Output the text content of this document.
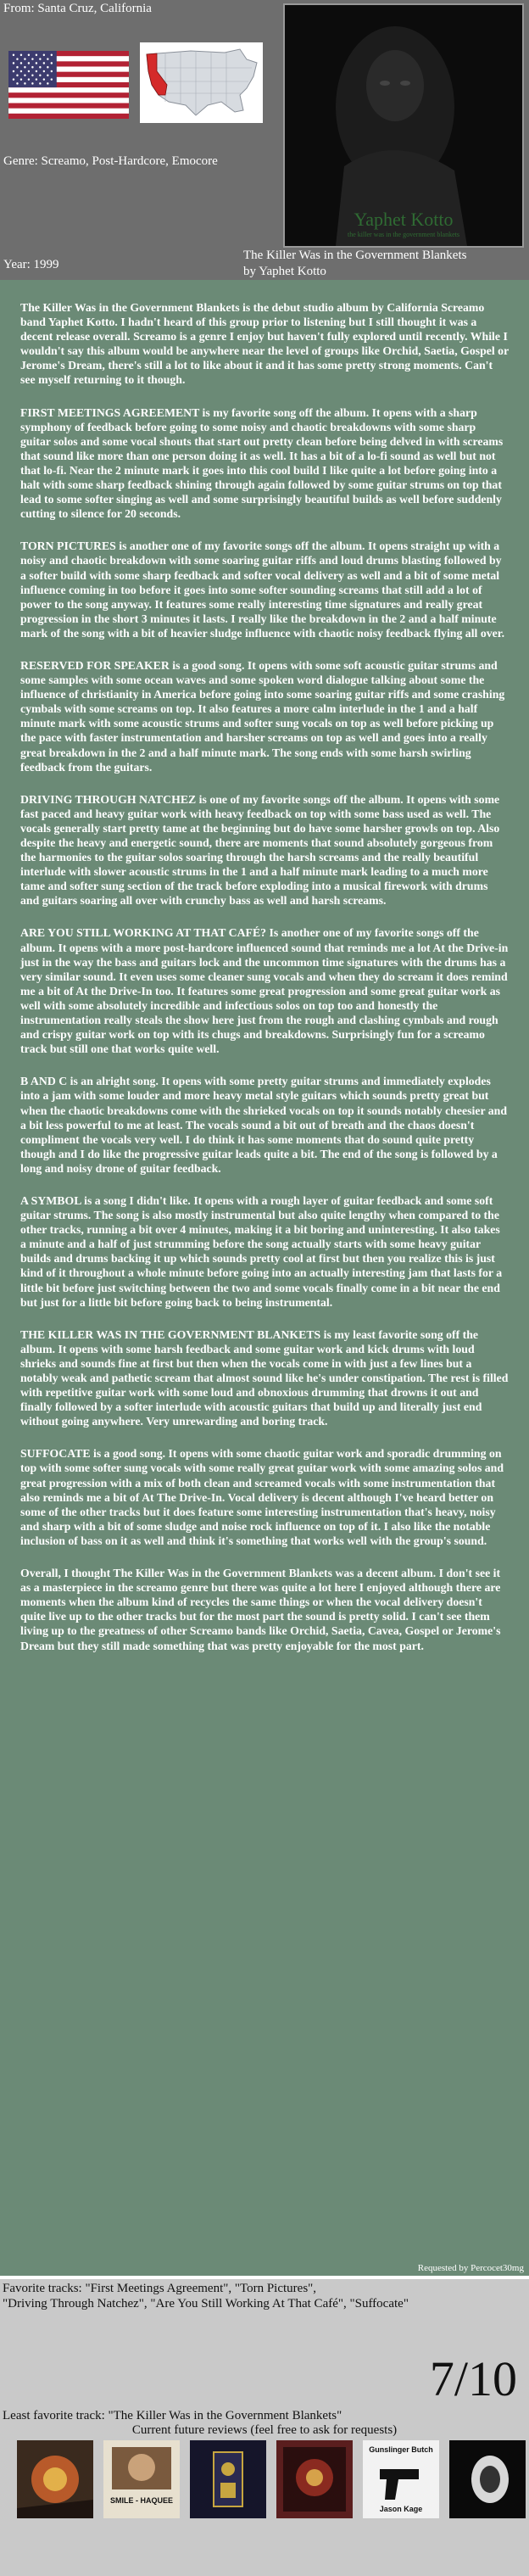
From: Santa Cruz, California
Genre: Screamo, Post-Hardcore, Emocore
Year: 1999
Yaphet Kotto
the killer was in the government blankets
The Killer Was in the Government Blankets
by Yaphet Kotto

The Killer Was in the Government Blankets is the debut studio album by California Screamo band Yaphet Kotto. I hadn't heard of this group prior to listening but I still thought it was a decent release overall. Screamo is a genre I enjoy but haven't fully explored until recently. While I wouldn't say this album would be anywhere near the level of groups like Orchid, Saetia, Gospel or Jerome's Dream, there's still a lot to like about it and it has some pretty strong moments. Can't see myself returning to it though.

FIRST MEETINGS AGREEMENT is my favorite song off the album. It opens with a sharp symphony of feedback before going to some noisy and chaotic breakdowns with some sharp guitar solos and some vocal shouts that start out pretty clean before being delved in with screams that sound like more than one person doing it as well. It has a bit of a lo-fi sound as well but not that lo-fi. Near the 2 minute mark it goes into this cool build I like quite a lot before going into a halt with some sharp feedback shining through again followed by some guitar strums on top that lead to some softer singing as well and some surprisingly beautiful builds as well before suddenly cutting to silence for 20 seconds.

TORN PICTURES is another one of my favorite songs off the album. It opens straight up with a noisy and chaotic breakdown with some soaring guitar riffs and loud drums blasting followed by a softer build with some sharp feedback and softer vocal delivery as well and a bit of some metal influence coming in too before it goes into some softer sounding screams that still add a lot of power to the song anyway. It features some really interesting time signatures and really great progression in the short 3 minutes it lasts. I really like the breakdown in the 2 and a half minute mark of the song with a bit of heavier sludge influence with chaotic noisy feedback flying all over.

RESERVED FOR SPEAKER is a good song. It opens with some soft acoustic guitar strums and some samples with some ocean waves and some spoken word dialogue talking about some the influence of christianity in America before going into some soaring guitar riffs and some crashing cymbals with some screams on top. It also features a more calm interlude in the 1 and a half minute mark with some acoustic strums and softer sung vocals on top as well before picking up the pace with faster instrumentation and harsher screams on top as well and goes into a really great breakdown in the 2 and a half minute mark. The song ends with some harsh swirling feedback from the guitars.

DRIVING THROUGH NATCHEZ is one of my favorite songs off the album. It opens with some fast paced and heavy guitar work with heavy feedback on top with some bass used as well. The vocals generally start pretty tame at the beginning but do have some harsher growls on top. Also despite the heavy and energetic sound, there are moments that sound absolutely gorgeous from the harmonies to the guitar solos soaring through the harsh screams and the really beautiful interlude with slower acoustic strums in the 1 and a half minute mark leading to a much more tame and softer sung section of the track before exploding into a musical firework with drums and guitars soaring all over with crunchy bass as well and harsh screams.

ARE YOU STILL WORKING AT THAT CAFÉ? Is another one of my favorite songs off the album. It opens with a more post-hardcore influenced sound that reminds me a lot At the Drive-in just in the way the bass and guitars lock and the uncommon time signatures with the drums has a very similar sound. It even uses some cleaner sung vocals and when they do scream it does remind me a bit of At the Drive-In too. It features some great progression and some great guitar work as well with some absolutely incredible and infectious solos on top too and honestly the instrumentation really steals the show here just from the rough and clashing cymbals and rough and crispy guitar work on top with its chugs and breakdowns. Surprisingly fun for a screamo track but still one that works quite well.

B AND C is an alright song. It opens with some pretty guitar strums and immediately explodes into a jam with some louder and more heavy metal style guitars which sounds pretty great but when the chaotic breakdowns come with the shrieked vocals on top it sounds notably cheesier and a bit less powerful to me at least. The vocals sound a bit out of breath and the chaos doesn't compliment the vocals very well. I do think it has some moments that do sound quite pretty though and I do like the progressive guitar leads quite a bit. The end of the song is followed by a long and noisy drone of guitar feedback.

A SYMBOL is a song I didn't like. It opens with a rough layer of guitar feedback and some soft guitar strums. The song is also mostly instrumental but also quite lengthy when compared to the other tracks, running a bit over 4 minutes, making it a bit boring and uninteresting. It also takes a minute and a half of just strumming before the song actually starts with some heavy guitar builds and drums backing it up which sounds pretty cool at first but then you realize this is just kind of it throughout a whole minute before going into an actually interesting jam that lasts for a little bit before just switching between the two and some vocals finally come in a bit near the end but just for a little bit before going back to being instrumental.

THE KILLER WAS IN THE GOVERNMENT BLANKETS is my least favorite song off the album. It opens with some harsh feedback and some guitar work and kick drums with loud shrieks and sounds fine at first but then when the vocals come in with just a few lines but a notably weak and pathetic scream that almost sound like he's under constipation. The rest is filled with repetitive guitar work with some loud and obnoxious drumming that drowns it out and finally followed by a softer interlude with acoustic guitars that build up and literally just end without going anywhere. Very unrewarding and boring track.

SUFFOCATE is a good song. It opens with some chaotic guitar work and sporadic drumming on top with some softer sung vocals with some really great guitar work with some amazing solos and great progression with a mix of both clean and screamed vocals with some instrumentation that also reminds me a bit of At The Drive-In. Vocal delivery is decent although I've heard better on some of the other tracks but it does feature some interesting instrumentation that's heavy, noisy and sharp with a bit of some sludge and noise rock influence on top of it. I also like the notable inclusion of bass on it as well and think it's something that works well with the group's sound.

Overall, I thought The Killer Was in the Government Blankets was a decent album. I don't see it as a masterpiece in the screamo genre but there was quite a lot here I enjoyed although there are moments when the album kind of recycles the same things or when the vocal delivery doesn't quite live up to the other tracks but for the most part the sound is pretty solid. I can't see them living up to the greatness of other Screamo bands like Orchid, Saetia, Cavea, Gospel or Jerome's Dream but they still made something that was pretty enjoyable for the most part.

Requested by Percocet30mg
Favorite tracks: "First Meetings Agreement", "Torn Pictures",
"Driving Through Natchez", "Are You Still Working At That Café", "Suffocate"
7/10
Least favorite track: "The Killer Was in the Government Blankets"
Current future reviews (feel free to ask for requests)
SMILE - HAQUEE
Gunslinger Butch
Jason Kage
